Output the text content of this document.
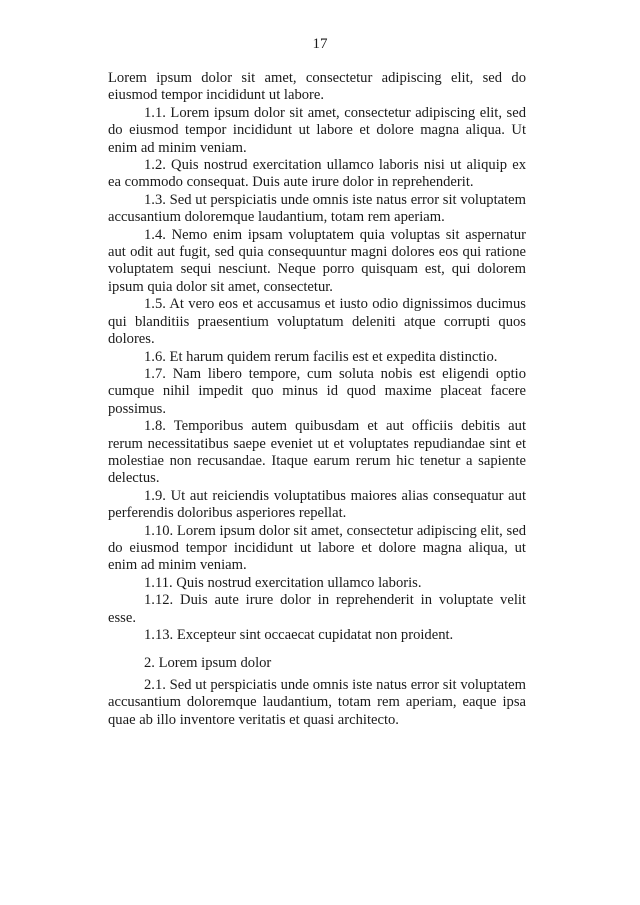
17

Lorem ipsum dolor sit amet, consectetur adipiscing elit, sed do eiusmod tempor incididunt ut labore.

1.1. Lorem ipsum dolor sit amet, consectetur adipiscing elit, sed do eiusmod tempor incididunt ut labore et dolore magna aliqua. Ut enim ad minim veniam.

1.2. Quis nostrud exercitation ullamco laboris nisi ut aliquip ex ea commodo consequat. Duis aute irure dolor in reprehenderit.

1.3. Sed ut perspiciatis unde omnis iste natus error sit voluptatem accusantium doloremque laudantium, totam rem aperiam.

1.4. Nemo enim ipsam voluptatem quia voluptas sit aspernatur aut odit aut fugit, sed quia consequuntur magni dolores eos qui ratione voluptatem sequi nesciunt. Neque porro quisquam est, qui dolorem ipsum quia dolor sit amet, consectetur.

1.5. At vero eos et accusamus et iusto odio dignissimos ducimus qui blanditiis praesentium voluptatum deleniti atque corrupti quos dolores.

1.6. Et harum quidem rerum facilis est et expedita distinctio.

1.7. Nam libero tempore, cum soluta nobis est eligendi optio cumque nihil impedit quo minus id quod maxime placeat facere possimus.

1.8. Temporibus autem quibusdam et aut officiis debitis aut rerum necessitatibus saepe eveniet ut et voluptates repudiandae sint et molestiae non recusandae. Itaque earum rerum hic tenetur a sapiente delectus.

1.9. Ut aut reiciendis voluptatibus maiores alias consequatur aut perferendis doloribus asperiores repellat.

1.10. Lorem ipsum dolor sit amet, consectetur adipiscing elit, sed do eiusmod tempor incididunt ut labore et dolore magna aliqua, ut enim ad minim veniam.

1.11. Quis nostrud exercitation ullamco laboris.

1.12. Duis aute irure dolor in reprehenderit in voluptate velit esse.

1.13. Excepteur sint occaecat cupidatat non proident.

2. Lorem ipsum dolor

2.1. Sed ut perspiciatis unde omnis iste natus error sit voluptatem accusantium doloremque laudantium, totam rem aperiam, eaque ipsa quae ab illo inventore veritatis et quasi architecto.
